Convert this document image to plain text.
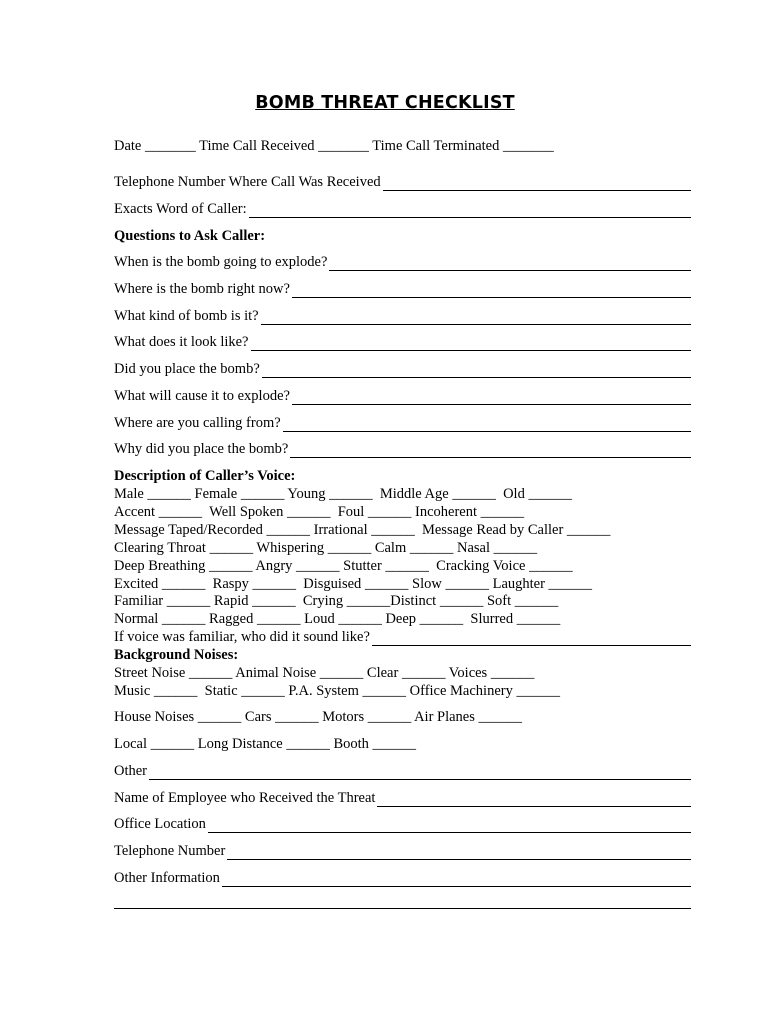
BOMB THREAT CHECKLIST
Date _______ Time Call Received _______ Time Call Terminated _______
Telephone Number Where Call Was Received
Exacts Word of Caller:
Questions to Ask Caller:
When is the bomb going to explode?
Where is the bomb right now?
What kind of bomb is it?
What does it look like?
Did you place the bomb?
What will cause it to explode?
Where are you calling from?
Why did you place the bomb?
Description of Caller’s Voice:
Male ______ Female ______ Young ______  Middle Age ______  Old ______
Accent ______  Well Spoken ______  Foul ______ Incoherent ______
Message Taped/Recorded ______ Irrational ______  Message Read by Caller ______
Clearing Throat ______ Whispering ______ Calm ______ Nasal ______
Deep Breathing ______ Angry ______ Stutter ______  Cracking Voice ______
Excited ______  Raspy ______  Disguised ______ Slow ______ Laughter ______
Familiar ______ Rapid ______  Crying ______Distinct ______ Soft ______
Normal ______ Ragged ______ Loud ______ Deep ______  Slurred ______
If voice was familiar, who did it sound like?
Background Noises:
Street Noise ______ Animal Noise ______ Clear ______ Voices ______
Music ______  Static ______ P.A. System ______ Office Machinery ______
House Noises ______ Cars ______ Motors ______ Air Planes ______
Local ______ Long Distance ______ Booth ______
Other
Name of Employee who Received the Threat
Office Location
Telephone Number
Other Information
